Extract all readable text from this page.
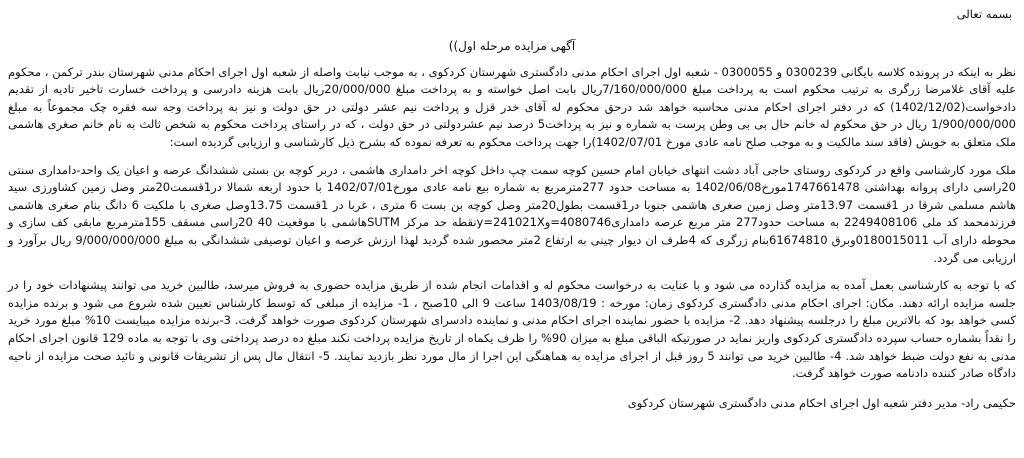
بسمه تعالی
آگهی مزایده مرحله اول))

نظر به اینکه در پرونده کلاسه بایگانی 0300239 و 0300055 - شعبه اول اجرای احکام مدنی دادگستری شهرستان کردکوی ، به موجب نیابت واصله از شعبه اول اجرای احکام مدنی شهرستان بندر ترکمن ، محکوم علیه آقای غلامرضا زرگری به ترتیب محکوم است به پرداخت مبلغ 7/160/000/000ریال بابت اصل خواسته و به پرداخت مبلغ 20/000/000ریال بابت هزینه دادرسی و پرداخت خسارت تاخیر تادیه از تقدیم دادخواست(1402/12/02) که در دفتر اجرای احکام مدنی محاسبه خواهد شد درحق محکوم له آقای خدر قزل و پرداخت نیم عشر دولتی در حق دولت و نیز به پرداخت وجه سه فقره چک مجموعاً به مبلغ 1/900/000/000 ریال در حق محکوم له خانم حال بی بی وطن پرست به شماره و نیز به پرداخت5 درصد نیم عشردولتی در حق دولت ، که در راستای پرداخت محکوم به شخص ثالث به نام خانم صغری هاشمی ملک متعلق به خویش (فاقد سند مالکیت و به موجب صلح نامه عادی مورخ 1402/07/01)را جهت پرداخت محکوم به تعرفه نموده که بشرح ذیل کارشناسی و ارزیابی گردیده است:

ملک مورد کارشناسی واقع در کردکوی روستای حاجی آباد دشت انتهای خیابان امام حسین کوچه سمت چپ داخل کوچه اخر دامداری هاشمی ، دربر کوچه بن بستی ششدانگ عرصه و اعیان یک واحد-دامداری سنتی 20راسی دارای پروانه بهداشتی 1747661478مورخ1402/06/08 به مساحت حدود 277مترمربع به شماره بیع نامه عادی مورخ1402/07/01 با حدود اربعه شمالا در1قسمت20متر وصل زمین کشاورزی سید هاشم مسلمی شرقا در 1قسمت 13.97متر وصل زمین صغری هاشمی جنوبا در1قسمت بطول20متر وصل کوچه بن بست 6 متری ، غربا در 1قسمت 13.75وصل صغری با ملکیت 6 دانگ بنام صغری هاشمی فرزندمحمد کد ملی 2249408106 به مساحت حدود277 متر مربع عرصه دامداری4080746=وy=241021Xنقطه حد مرکز SUTMهاشمی با موقعیت 40 20راسی مسقف 155مترمربع مابقی کف سازی و محوطه دارای آب 0180015011وبرق 61674810بنام زرگری که 4طرف ان دیوار چینی به ارتفاع 2متر محصور شده گردید لهذا ارزش عرصه و اعیان توصیفی ششدانگی به مبلغ 9/000/000/000 ریال برآورد و ارزیابی می گردد.

که با توجه به کارشناسی بعمل آمده به مزایده گذارده می شود و با عنایت به درخواست محکوم له و اقدامات انجام شده از طریق مزایده حضوری به فروش میرسد، طالبین خرید می توانند پیشنهادات خود را در جلسه مزایده ارائه دهند. مکان: اجرای احکام مدنی دادگستری کردکوی زمان: مورخه : 1403/08/19 ساعت 9 الی 10صبح ، 1- مزایده از مبلغی که توسط کارشناس تعیین شده شروع می شود و برنده مزایده کسی خواهد بود که بالاترین مبلغ را درجلسه پیشنهاد دهد. 2- مزایده با حضور نماینده اجرای احکام مدنی و نماینده دادسرای شهرستان کردکوی صورت خواهد گرفت. 3-برنده مزایده میبایست 10% مبلغ مورد خرید را نقداً بشماره حساب سپرده دادگستری کردکوی واریز نماید در صورتیکه الباقی مبلغ به میزان 90% را ظرف یکماه از تاریخ مزایده پرداخت نکند مبلغ ده درصد پرداختی وی با توجه به ماده 129 قانون اجرای احکام مدنی به نفع دولت ضبط خواهد شد. 4- طالبین خرید می توانند 5 روز قبل از اجرای مزایده به هماهنگی این اجرا از مال مورد نظر بازدید نمایند. 5- انتقال مال پس از تشریفات قانونی و تائید صحت مزایده از ناحیه دادگاه صادر کننده دادنامه صورت خواهد گرفت.

حکیمی راد- مدیر دفتر شعبه اول اجرای احکام مدنی دادگستری شهرستان کردکوی
